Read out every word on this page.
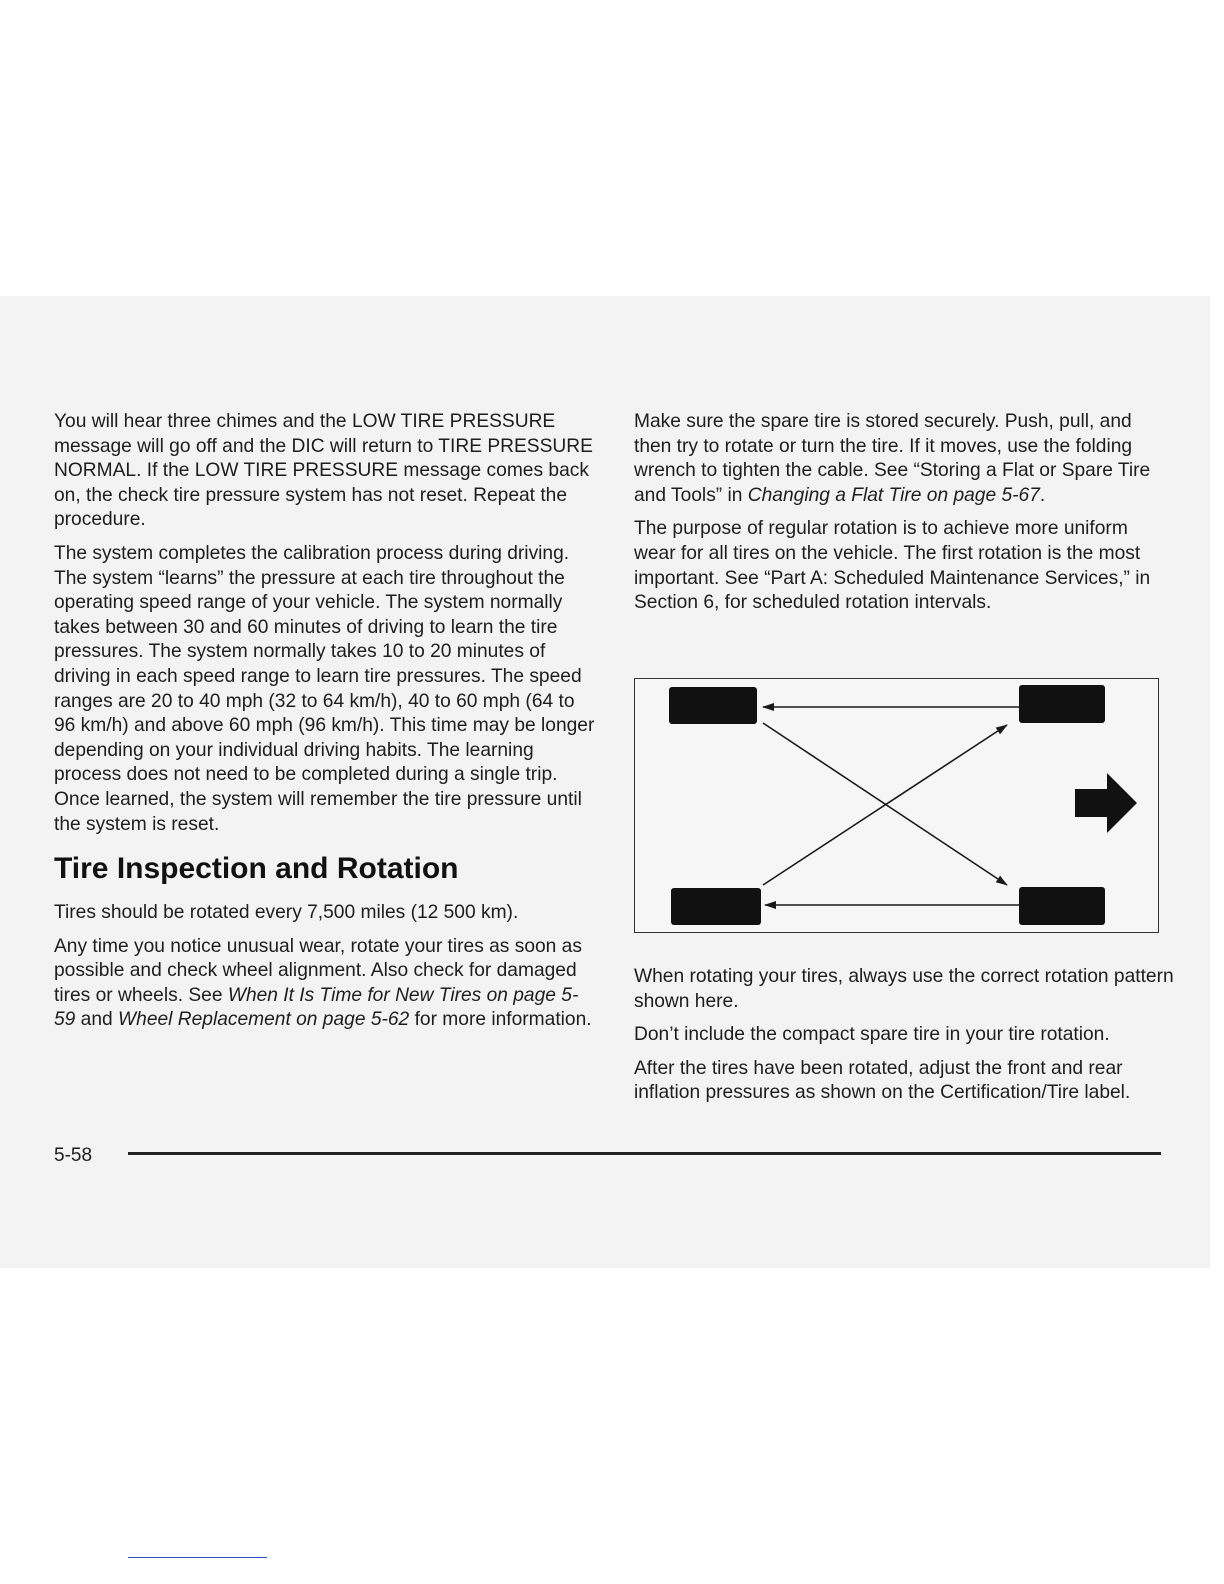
You will hear three chimes and the LOW TIRE PRESSURE message will go off and the DIC will return to TIRE PRESSURE NORMAL. If the LOW TIRE PRESSURE message comes back on, the check tire pressure system has not reset. Repeat the procedure.

The system completes the calibration process during driving. The system “learns” the pressure at each tire throughout the operating speed range of your vehicle. The system normally takes between 30 and 60 minutes of driving to learn the tire pressures. The system normally takes 10 to 20 minutes of driving in each speed range to learn tire pressures. The speed ranges are 20 to 40 mph (32 to 64 km/h), 40 to 60 mph (64 to 96 km/h) and above 60 mph (96 km/h). This time may be longer depending on your individual driving habits. The learning process does not need to be completed during a single trip. Once learned, the system will remember the tire pressure until the system is reset.

Tire Inspection and Rotation

Tires should be rotated every 7,500 miles (12 500 km).

Any time you notice unusual wear, rotate your tires as soon as possible and check wheel alignment. Also check for damaged tires or wheels. See When It Is Time for New Tires on page 5-59 and Wheel Replacement on page 5-62 for more information.

Make sure the spare tire is stored securely. Push, pull, and then try to rotate or turn the tire. If it moves, use the folding wrench to tighten the cable. See “Storing a Flat or Spare Tire and Tools” in Changing a Flat Tire on page 5-67.

The purpose of regular rotation is to achieve more uniform wear for all tires on the vehicle. The first rotation is the most important. See “Part A: Scheduled Maintenance Services,” in Section 6, for scheduled rotation intervals.

When rotating your tires, always use the correct rotation pattern shown here.

Don’t include the compact spare tire in your tire rotation.

After the tires have been rotated, adjust the front and rear inflation pressures as shown on the Certification/Tire label.

5-58
